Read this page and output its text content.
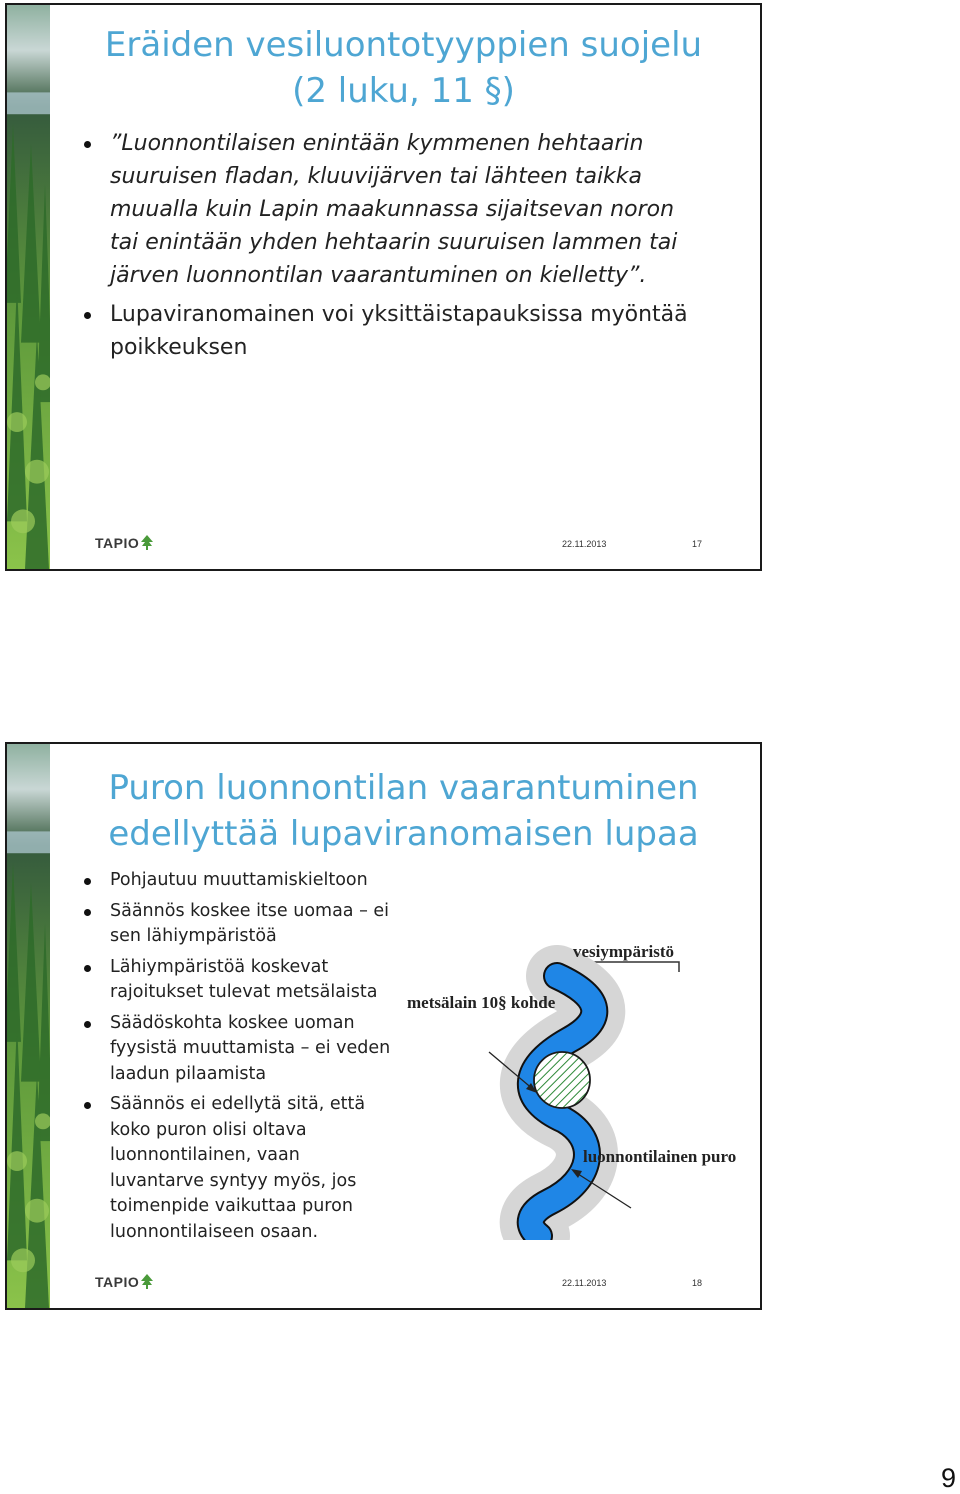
Eräiden vesiluontotyyppien suojelu
(2 luku, 11 §)
”Luonnontilaisen enintään kymmenen hehtaarin suuruisen fladan, kluuvijärven tai lähteen taikka muualla kuin Lapin maakunnassa sijaitsevan noron tai enintään yhden hehtaarin suuruisen lammen tai järven luonnontilan vaarantuminen on kielletty”.
Lupaviranomainen voi yksittäistapauksissa myöntää poikkeuksen
TAPIO	22.11.2013	17
Puron luonnontilan vaarantuminen
edellyttää lupaviranomaisen lupaa
Pohjautuu muuttamiskieltoon
Säännös koskee itse uomaa – ei sen lähiympäristöä
Lähiympäristöä koskevat rajoitukset tulevat metsälaista
Säädöskohta koskee uoman fyysistä muuttamista – ei veden laadun pilaamista
Säännös ei edellytä sitä, että koko puron olisi oltava luonnontilainen, vaan luvantarve syntyy myös, jos toimenpide vaikuttaa puron luonnontilaiseen osaan.
vesiympäristö
metsälain 10§ kohde
luonnontilainen puro
TAPIO	22.11.2013	18
9
